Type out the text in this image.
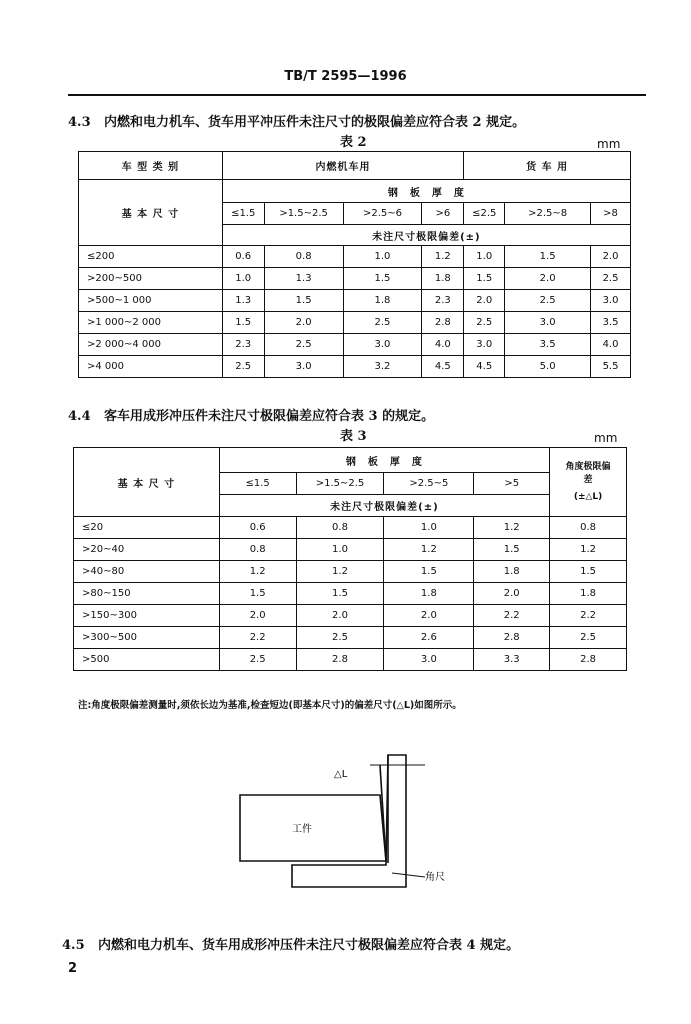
TB/T 2595—1996
4.3 内燃和电力机车、货车用平冲压件未注尺寸的极限偏差应符合表 2 规定。
表 2	mm
车 型 类 别	内燃机车用				货 车 用		
基 本 尺 寸	钢　板　厚　度						
	≤1.5	>1.5~2.5	>2.5~6	>6	≤2.5	>2.5~8	>8
	未注尺寸极限偏差(±)						
≤200	0.6	0.8	1.0	1.2	1.0	1.5	2.0
>200~500	1.0	1.3	1.5	1.8	1.5	2.0	2.5
>500~1 000	1.3	1.5	1.8	2.3	2.0	2.5	3.0
>1 000~2 000	1.5	2.0	2.5	2.8	2.5	3.0	3.5
>2 000~4 000	2.3	2.5	3.0	4.0	3.0	3.5	4.0
>4 000	2.5	3.0	3.2	4.5	4.5	5.0	5.5
4.4 客车用成形冲压件未注尺寸极限偏差应符合表 3 的规定。
表 3	mm
基 本 尺 寸	钢　板　厚　度				角度极限偏　差
(±△L)

	≤1.5	>1.5~2.5	>2.5~5	>5	
	未注尺寸极限偏差(±)				
≤20	0.6	0.8	1.0	1.2	0.8
>20~40	0.8	1.0	1.2	1.5	1.2
>40~80	1.2	1.2	1.5	1.8	1.5
>80~150	1.5	1.5	1.8	2.0	1.8
>150~300	2.0	2.0	2.0	2.2	2.2
>300~500	2.2	2.5	2.6	2.8	2.5
>500	2.5	2.8	3.0	3.3	2.8
注:角度极限偏差测量时,须依长边为基准,检查短边(即基本尺寸)的偏差尺寸(△L)如图所示。
△L
工件
角尺
4.5 内燃和电力机车、货车用成形冲压件未注尺寸极限偏差应符合表 4 规定。
2
